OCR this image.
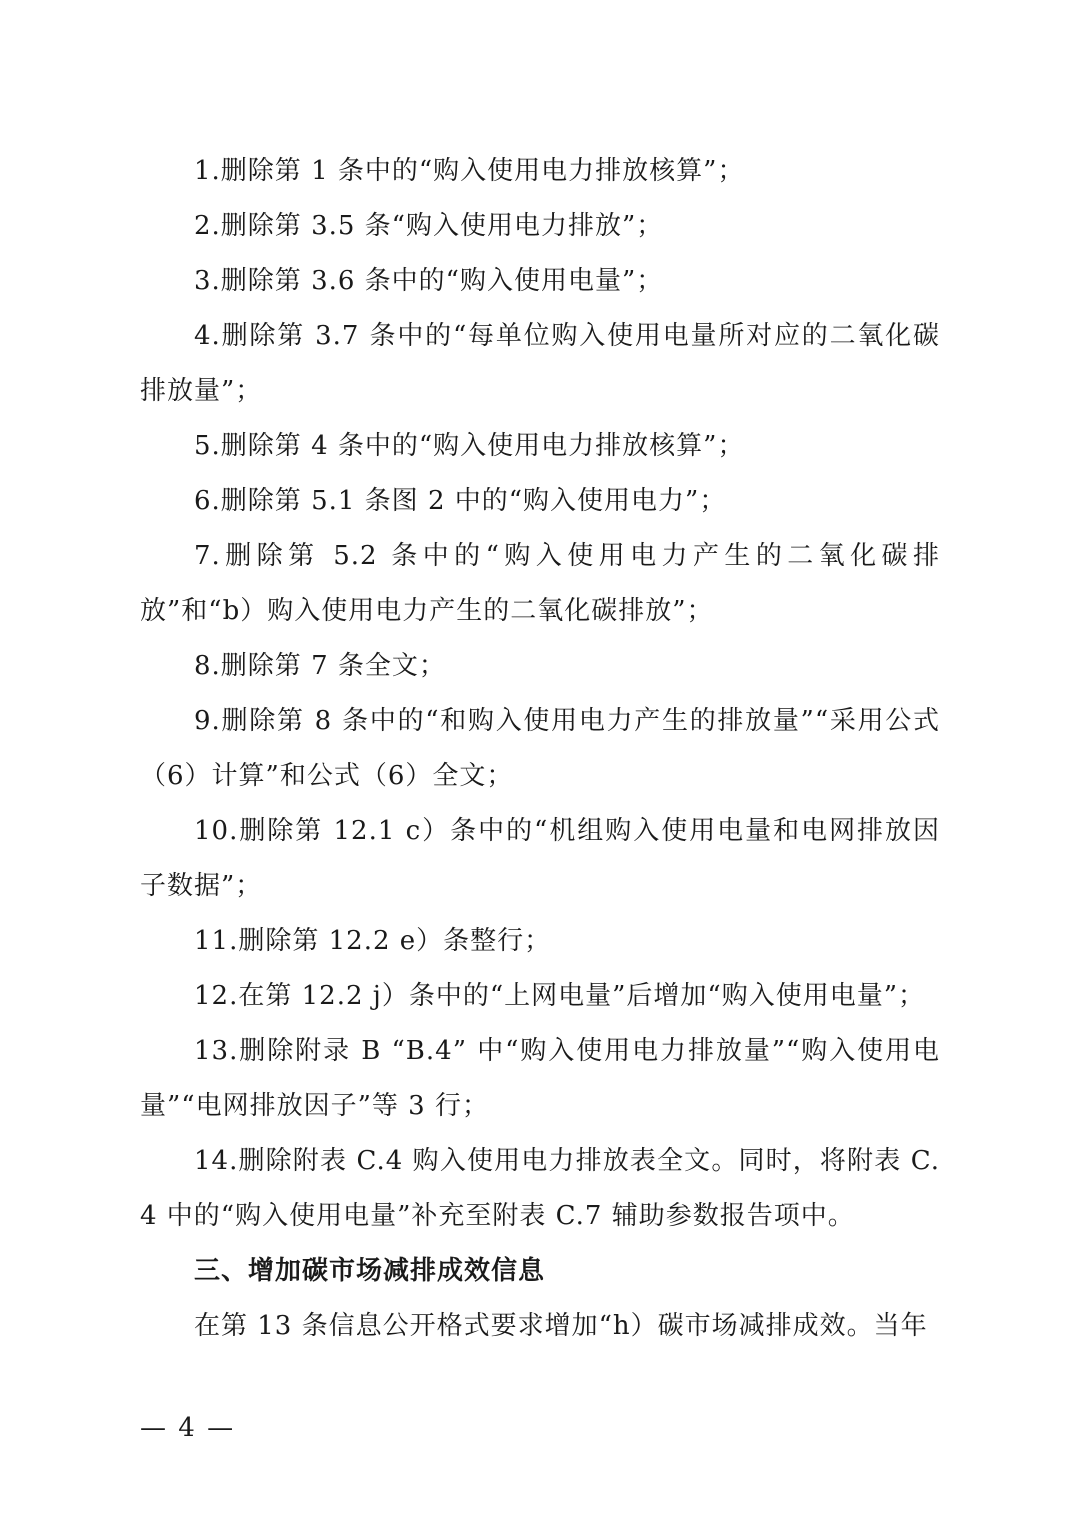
1.删除第 1 条中的“购入使用电力排放核算”；

2.删除第 3.5 条“购入使用电力排放”；

3.删除第 3.6 条中的“购入使用电量”；

4.删除第 3.7 条中的“每单位购入使用电量所对应的二氧化碳排放量”；

5.删除第 4 条中的“购入使用电力排放核算”；

6.删除第 5.1 条图 2 中的“购入使用电力”；

7.删除第 5.2 条中的“购入使用电力产生的二氧化碳排放”和“b）购入使用电力产生的二氧化碳排放”；

8.删除第 7 条全文；

9.删除第 8 条中的“和购入使用电力产生的排放量”“采用公式（6）计算”和公式（6）全文；

10.删除第 12.1 c）条中的“机组购入使用电量和电网排放因子数据”；

11.删除第 12.2 e）条整行；

12.在第 12.2 j）条中的“上网电量”后增加“购入使用电量”；

13.删除附录 B “B.4” 中“购入使用电力排放量”“购入使用电量”“电网排放因子”等 3 行；

14.删除附表 C.4 购入使用电力排放表全文。同时，将附表 C.4 中的“购入使用电量”补充至附表 C.7 辅助参数报告项中。

三、增加碳市场减排成效信息

在第 13 条信息公开格式要求增加“h）碳市场减排成效。当年

— 4 —
